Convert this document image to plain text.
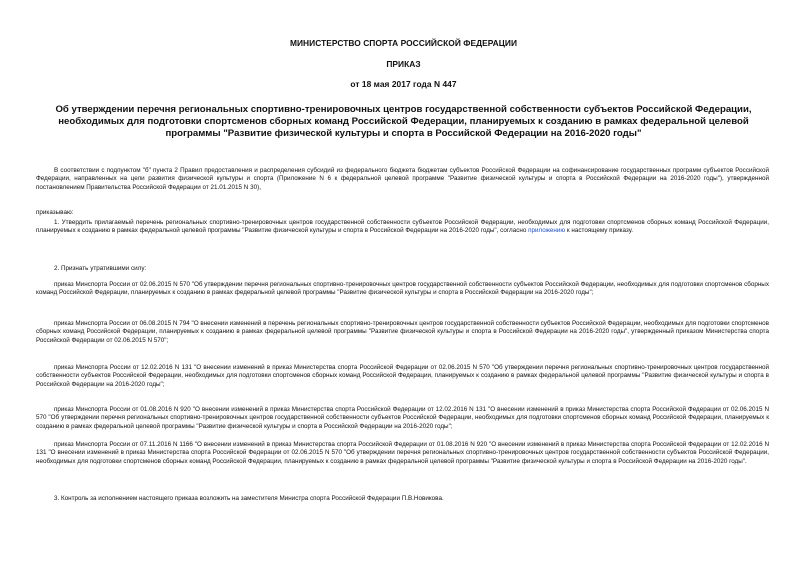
МИНИСТЕРСТВО СПОРТА РОССИЙСКОЙ ФЕДЕРАЦИИ
ПРИКАЗ
от 18 мая 2017 года N 447
Об утверждении перечня региональных спортивно-тренировочных центров государственной собственности субъектов Российской Федерации, необходимых для подготовки спортсменов сборных команд Российской Федерации, планируемых к созданию в рамках федеральной целевой программы "Развитие физической культуры и спорта в Российской Федерации на 2016-2020 годы"
В соответствии с подпунктом "б" пункта 2 Правил предоставления и распределения субсидий из федерального бюджета бюджетам субъектов Российской Федерации на софинансирование государственных программ субъектов Российской Федерации, направленных на цели развития физической культуры и спорта (Приложение N 6 к федеральной целевой программе "Развитие физической культуры и спорта в Российской Федерации на 2016-2020 годы"), утвержденной постановлением Правительства Российской Федерации от 21.01.2015 N 30),
приказываю:
1. Утвердить прилагаемый перечень региональных спортивно-тренировочных центров государственной собственности субъектов Российской Федерации, необходимых для подготовки спортсменов сборных команд Российской Федерации, планируемых к созданию в рамках федеральной целевой программы "Развитие физической культуры и спорта в Российской Федерации на 2016-2020 годы", согласно приложению к настоящему приказу.
2. Признать утратившими силу:
приказ Минспорта России от 02.06.2015 N 570 "Об утверждении перечня региональных спортивно-тренировочных центров государственной собственности субъектов Российской Федерации, необходимых для подготовки спортсменов сборных команд Российской Федерации, планируемых к созданию в рамках федеральной целевой программы "Развитие физической культуры и спорта в Российской Федерации на 2016-2020 годы";
приказ Минспорта России от 06.08.2015 N 794 "О внесении изменений в перечень региональных спортивно-тренировочных центров государственной собственности субъектов Российской Федерации, необходимых для подготовки спортсменов сборных команд Российской Федерации, планируемых к созданию в рамках федеральной целевой программы "Развитие физической культуры и спорта в Российской Федерации на 2016-2020 годы", утвержденный приказом Министерства спорта Российской Федерации от 02.06.2015 N 570";
приказ Минспорта России от 12.02.2016 N 131 "О внесении изменений в приказ Министерства спорта Российской Федерации от 02.06.2015 N 570 "Об утверждении перечня региональных спортивно-тренировочных центров государственной собственности субъектов Российской Федерации, необходимых для подготовки спортсменов сборных команд Российской Федерации, планируемых к созданию в рамках федеральной целевой программы "Развитие физической культуры и спорта в Российской Федерации на 2016-2020 годы";
приказ Минспорта России от 01.08.2016 N 920 "О внесении изменений в приказ Министерства спорта Российской Федерации от 12.02.2016 N 131 "О внесении изменений в приказ Министерства спорта Российской Федерации от 02.06.2015 N 570 "Об утверждении перечня региональных спортивно-тренировочных центров государственной собственности субъектов Российской Федерации, необходимых для подготовки спортсменов сборных команд Российской Федерации, планируемых к созданию в рамках федеральной целевой программы "Развитие физической культуры и спорта в Российской Федерации на 2016-2020 годы";
приказ Минспорта России от 07.11.2016 N 1166 "О внесении изменений в приказ Министерства спорта Российской Федерации от 01.08.2016 N 920 "О внесении изменений в приказ Министерства спорта Российской Федерации от 12.02.2016 N 131 "О внесении изменений в приказ Министерства спорта Российской Федерации от 02.06.2015 N 570 "Об утверждении перечня региональных спортивно-тренировочных центров государственной собственности субъектов Российской Федерации, необходимых для подготовки спортсменов сборных команд Российской Федерации, планируемых к созданию в рамках федеральной целевой программы "Развитие физической культуры и спорта в Российской Федерации на 2016-2020 годы".
3. Контроль за исполнением настоящего приказа возложить на заместителя Министра спорта Российской Федерации П.В.Новикова.
